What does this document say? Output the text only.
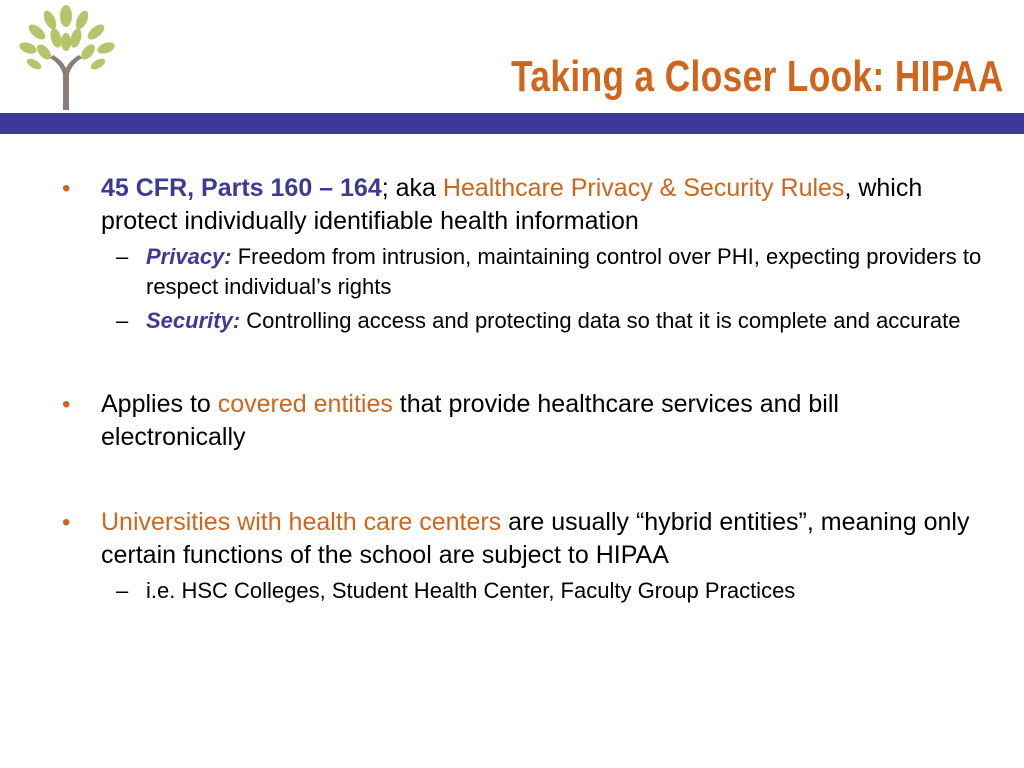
Taking a Closer Look: HIPAA
• 45 CFR, Parts 160 – 164; aka Healthcare Privacy & Security Rules, which protect individually identifiable health information
– Privacy: Freedom from intrusion, maintaining control over PHI, expecting providers to respect individual’s rights
– Security: Controlling access and protecting data so that it is complete and accurate
• Applies to covered entities that provide healthcare services and bill electronically
• Universities with health care centers are usually “hybrid entities”, meaning only certain functions of the school are subject to HIPAA
– i.e. HSC Colleges, Student Health Center, Faculty Group Practices
